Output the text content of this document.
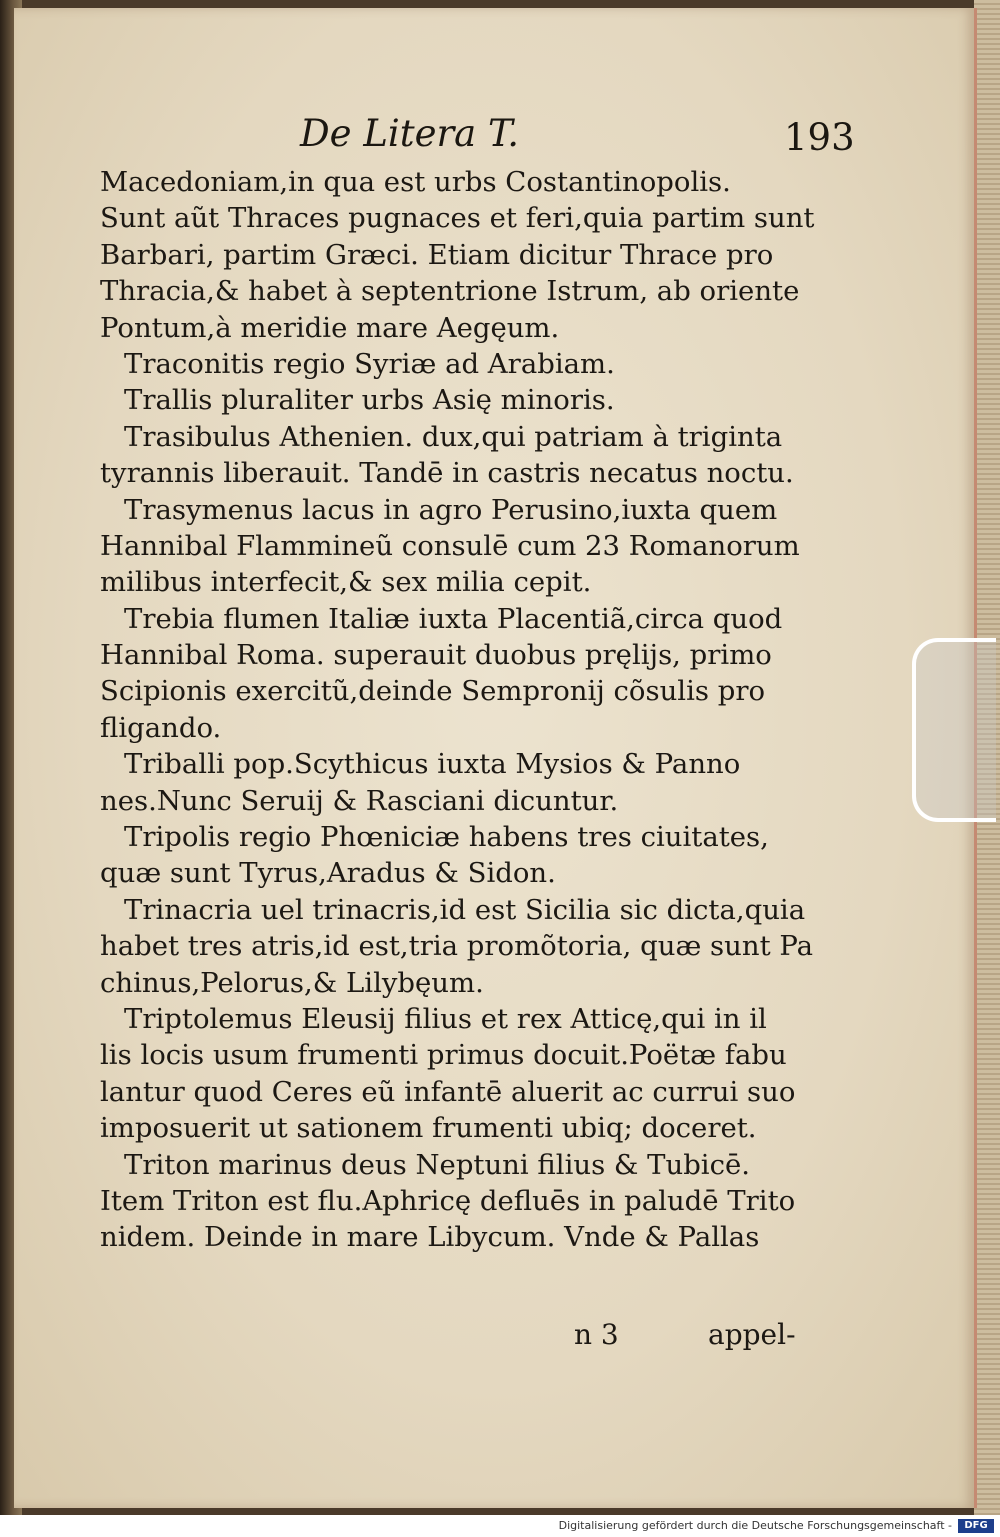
De Litera T.	193
Macedoniam,in qua est urbs Costantinopolis.
Sunt aũt Thraces pugnaces et feri,quia partim sunt
Barbari, partim Græci. Etiam dicitur Thrace pro
Thracia,& habet à septentrione Istrum, ab oriente
Pontum,à meridie mare Aegęum.
Traconitis regio Syriæ ad Arabiam.
Trallis pluraliter urbs Asię minoris.
Trasibulus Athenien. dux,qui patriam à triginta
tyrannis liberauit. Tandē in castris necatus noctu.
Trasymenus lacus in agro Perusino,iuxta quem
Hannibal Flammineũ consulē cum 23 Romanorum
milibus interfecit,& sex milia cepit.
Trebia flumen Italiæ iuxta Placentiã,circa quod
Hannibal Roma. superauit duobus pręlijs, primo
Scipionis exercitũ,deinde Sempronij cõsulis pro
fligando.
Triballi pop.Scythicus iuxta Mysios & Panno
nes.Nunc Seruij & Rasciani dicuntur.
Tripolis regio Phœniciæ habens tres ciuitates,
quæ sunt Tyrus,Aradus & Sidon.
Trinacria uel trinacris,id est Sicilia sic dicta,quia
habet tres atris,id est,tria promõtoria, quæ sunt Pa
chinus,Pelorus,& Lilybęum.
Triptolemus Eleusij filius et rex Atticę,qui in il
lis locis usum frumenti primus docuit.Poëtæ fabu
lantur quod Ceres eũ infantē aluerit ac currui suo
imposuerit ut sationem frumenti ubiq; doceret.
Triton marinus deus Neptuni filius & Tubicē.
Item Triton est flu.Aphricę defluēs in paludē Trito
nidem. Deinde in mare Libycum. Vnde & Pallas
n 3	appel-
Digitalisierung gefördert durch die Deutsche Forschungsgemeinschaft -	DFG
